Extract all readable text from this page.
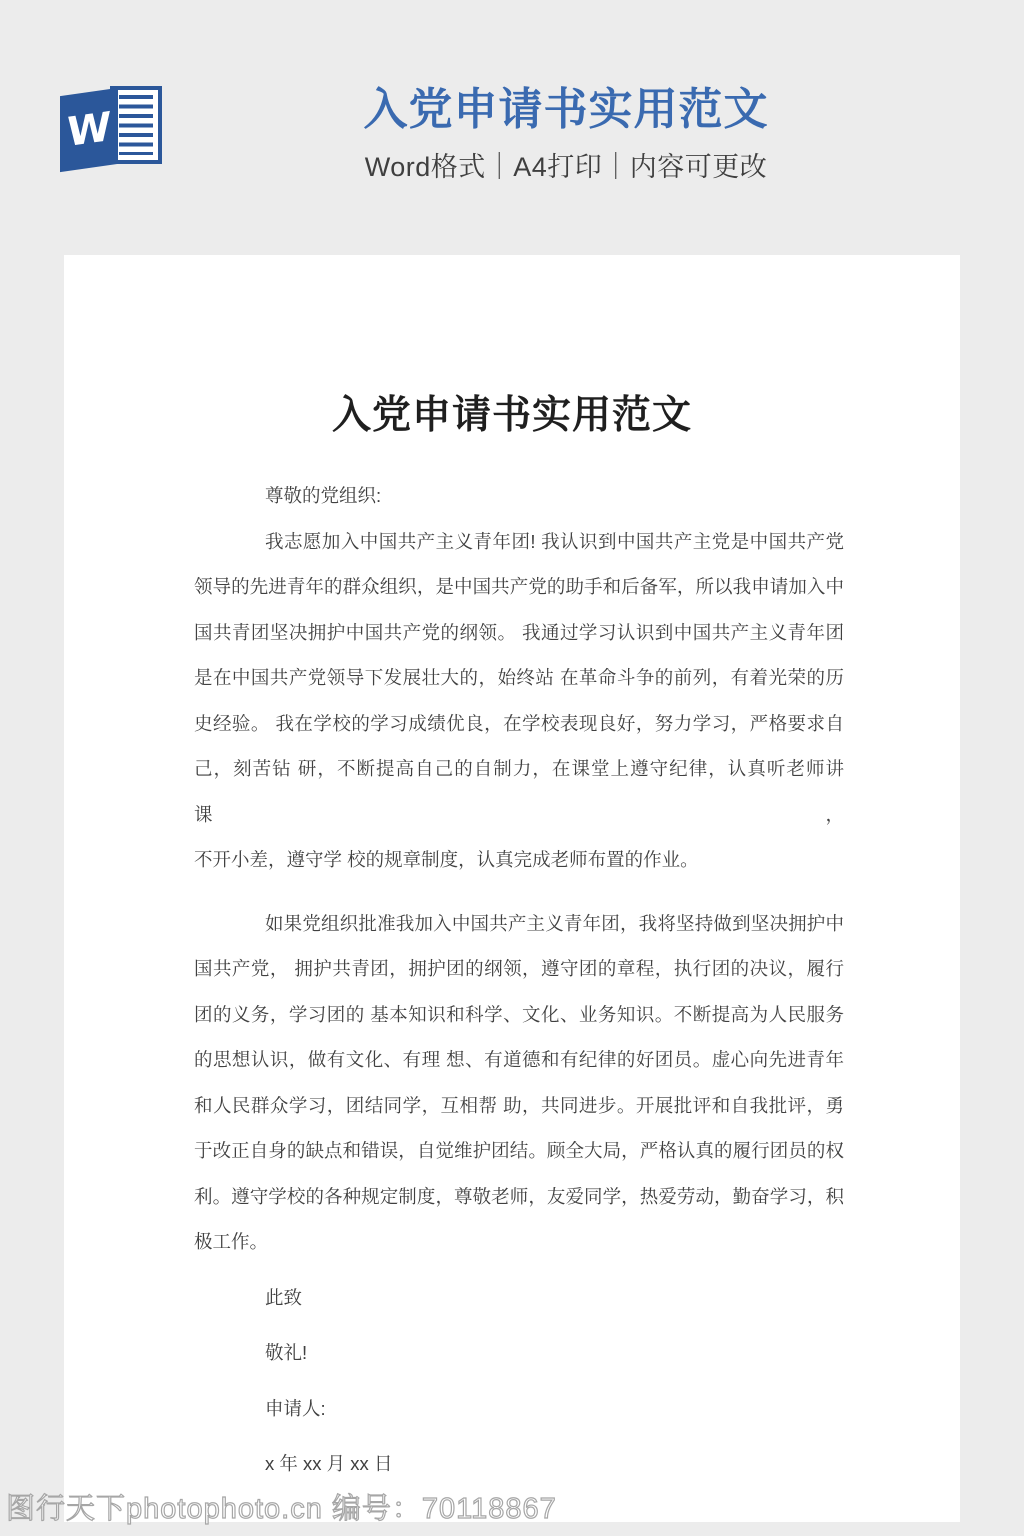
W	入党申请书实用范文
Word格式｜A4打印｜内容可更改
入党申请书实用范文
尊敬的党组织:
我志愿加入中国共产主义青年团! 我认识到中国共产主党是中国共产党
领导的先进青年的群众组织，是中国共产党的助手和后备军，所以我申请加入中
国共青团坚决拥护中国共产党的纲领。 我通过学习认识到中国共产主义青年团
是在中国共产党领导下发展壮大的，始终站 在革命斗争的前列，有着光荣的历
史经验。 我在学校的学习成绩优良，在学校表现良好，努力学习，严格要求自
己，刻苦钻 研，不断提高自己的自制力，在课堂上遵守纪律，认真听老师讲课，
不开小差，遵守学 校的规章制度，认真完成老师布置的作业。
如果党组织批准我加入中国共产主义青年团，我将坚持做到坚决拥护中
国共产党， 拥护共青团，拥护团的纲领，遵守团的章程，执行团的决议，履行
团的义务，学习团的 基本知识和科学、文化、业务知识。不断提高为人民服务
的思想认识，做有文化、有理 想、有道德和有纪律的好团员。虚心向先进青年
和人民群众学习，团结同学，互相帮 助，共同进步。开展批评和自我批评，勇
于改正自身的缺点和错误，自觉维护团结。顾全大局，严格认真的履行团员的权
利。遵守学校的各种规定制度，尊敬老师，友爱同学，热爱劳动，勤奋学习，积
极工作。
此致
敬礼!
申请人:
x 年 xx 月 xx 日
图行天下photophoto.cn 编号：70118867
